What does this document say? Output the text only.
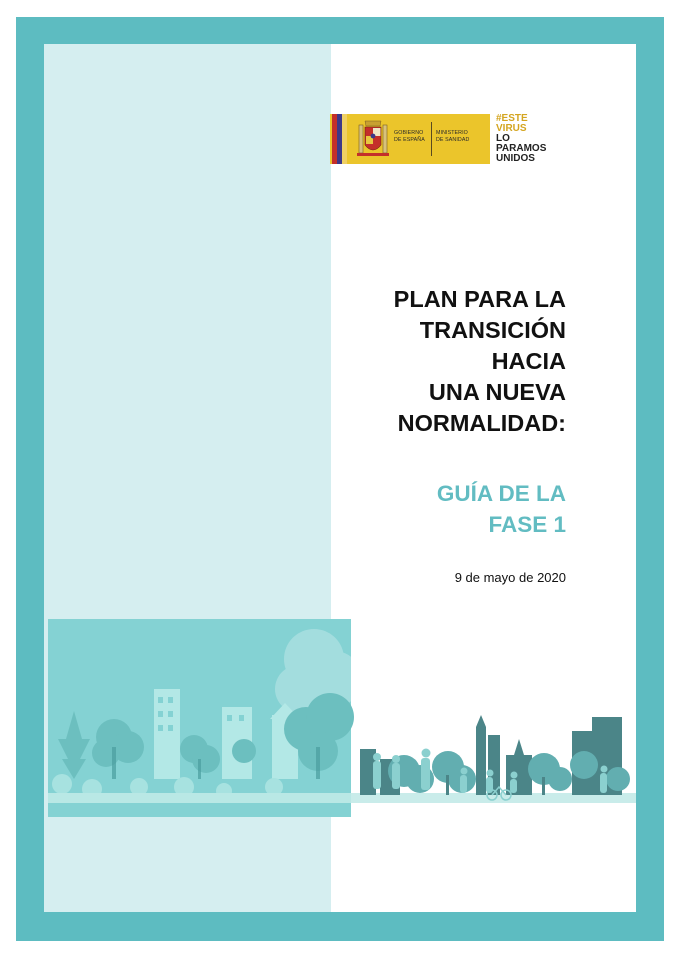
GOBIERNO
DE ESPAÑA
MINISTERIO
DE SANIDAD
#ESTE
VIRUS
LO
PARAMOS
UNIDOS
PLAN PARA LA
TRANSICIÓN
HACIA
UNA NUEVA
NORMALIDAD:
GUÍA DE LA
FASE 1
9 de mayo de 2020
